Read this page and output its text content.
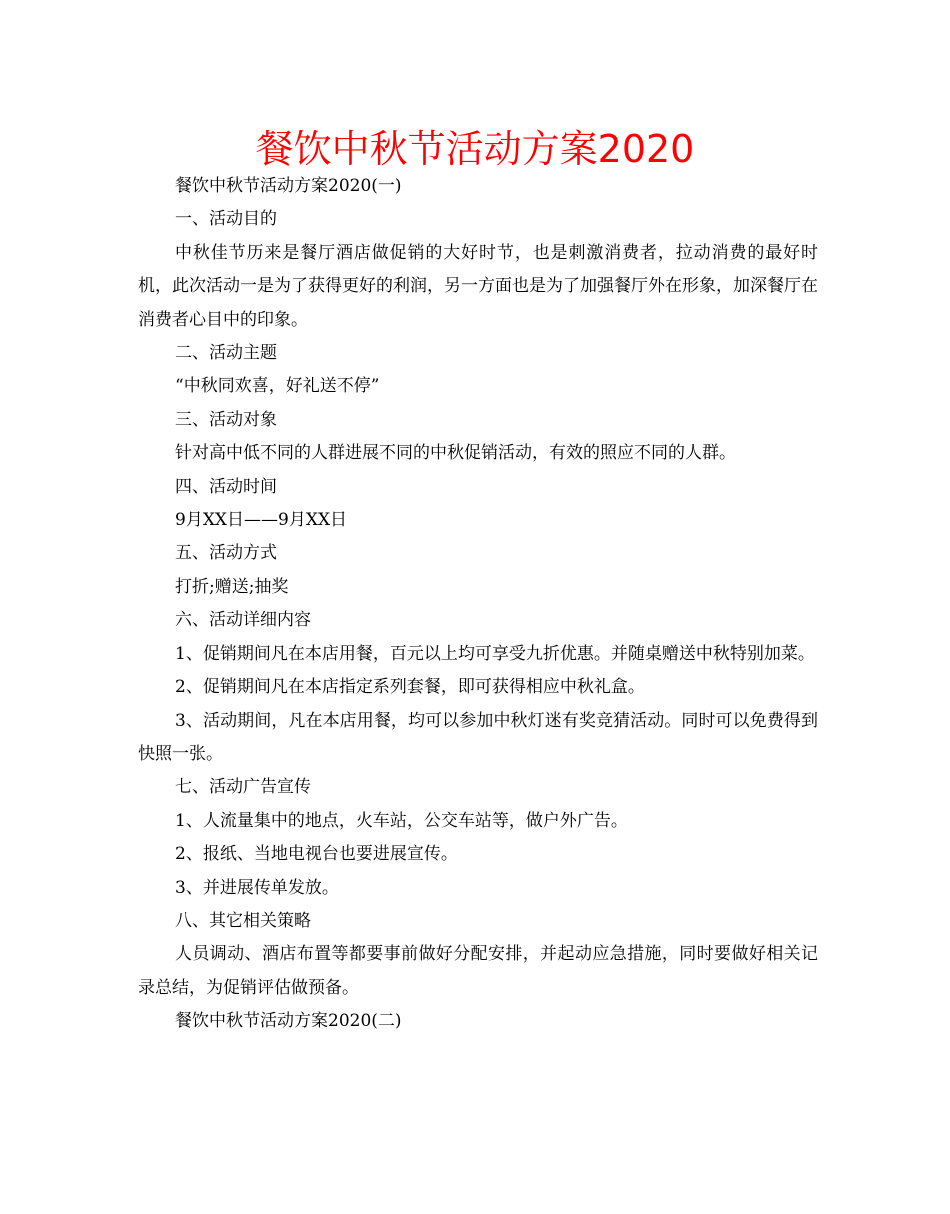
餐饮中秋节活动方案2020

餐饮中秋节活动方案2020(一)

一、活动目的

中秋佳节历来是餐厅酒店做促销的大好时节，也是刺激消费者，拉动消费的最好时机，此次活动一是为了获得更好的利润，另一方面也是为了加强餐厅外在形象，加深餐厅在消费者心目中的印象。

二、活动主题

“中秋同欢喜，好礼送不停”

三、活动对象

针对高中低不同的人群进展不同的中秋促销活动，有效的照应不同的人群。

四、活动时间

9月XX日——9月XX日

五、活动方式

打折;赠送;抽奖

六、活动详细内容

1、促销期间凡在本店用餐，百元以上均可享受九折优惠。并随桌赠送中秋特别加菜。

2、促销期间凡在本店指定系列套餐，即可获得相应中秋礼盒。

3、活动期间，凡在本店用餐，均可以参加中秋灯迷有奖竞猜活动。同时可以免费得到快照一张。

七、活动广告宣传

1、人流量集中的地点，火车站，公交车站等，做户外广告。

2、报纸、当地电视台也要进展宣传。

3、并进展传单发放。

八、其它相关策略

人员调动、酒店布置等都要事前做好分配安排，并起动应急措施，同时要做好相关记录总结，为促销评估做预备。

餐饮中秋节活动方案2020(二)
